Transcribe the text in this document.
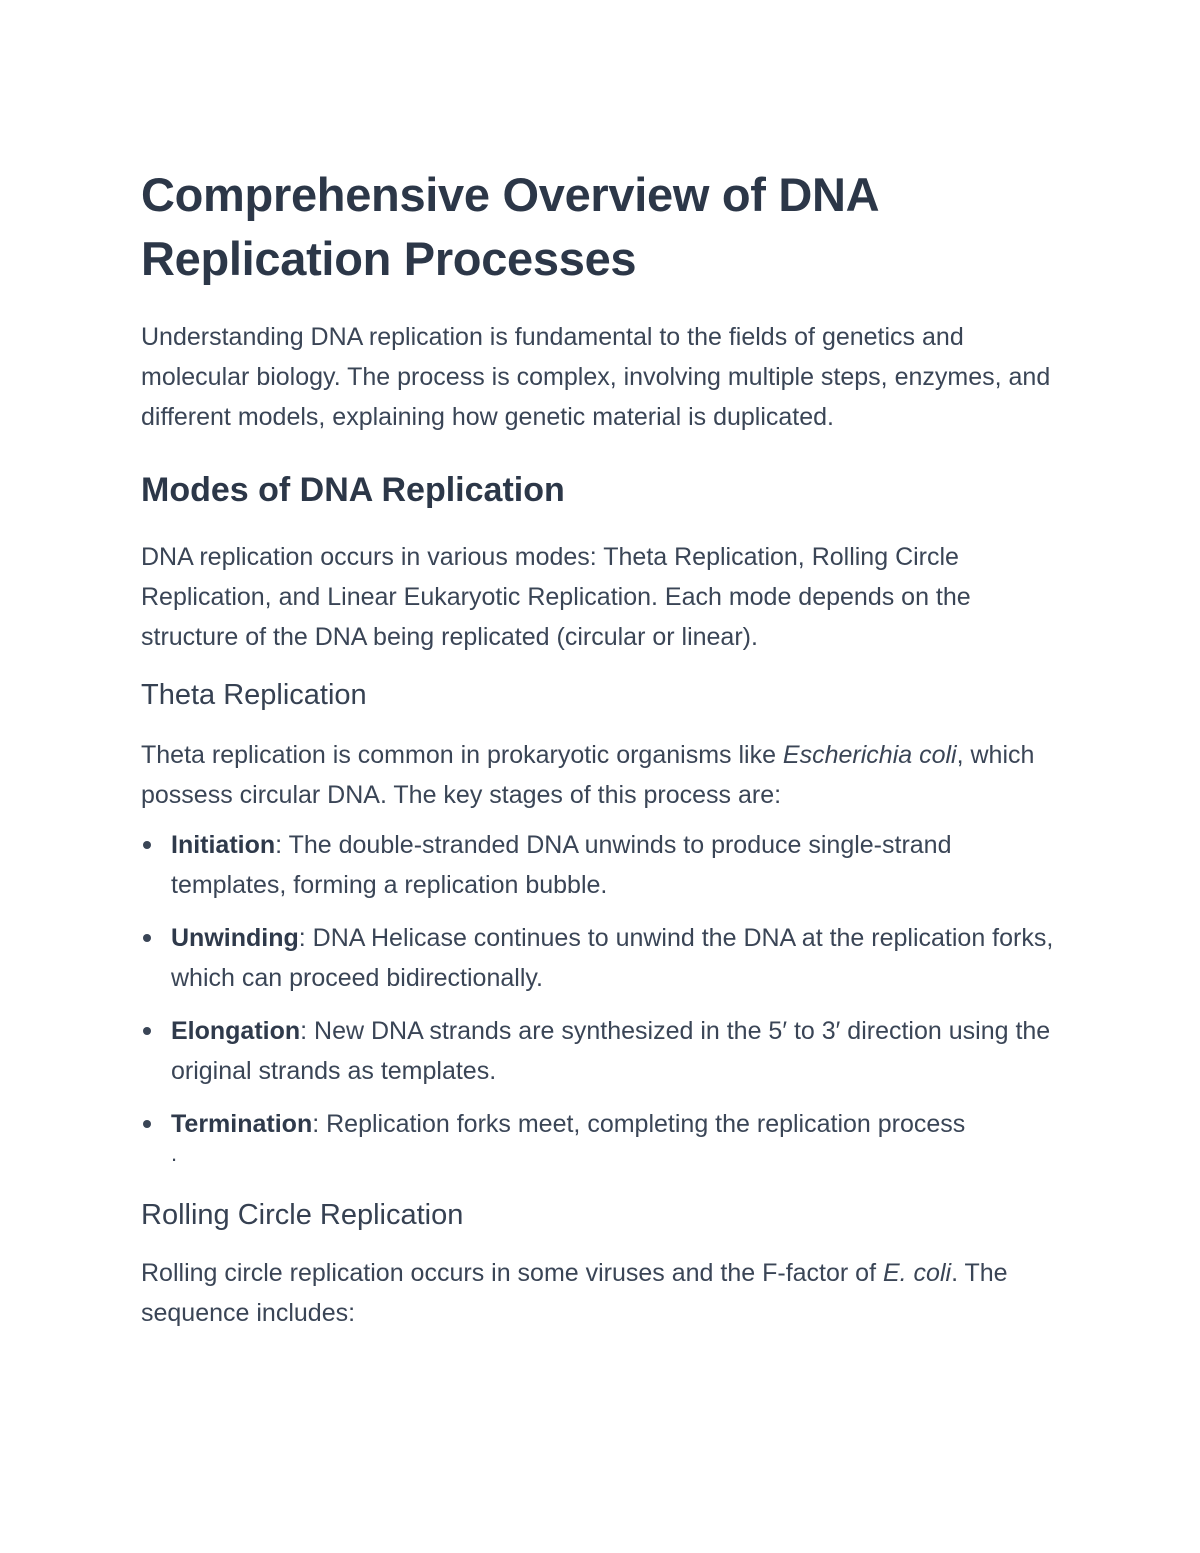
Comprehensive Overview of DNA Replication Processes

Understanding DNA replication is fundamental to the fields of genetics and molecular biology. The process is complex, involving multiple steps, enzymes, and different models, explaining how genetic material is duplicated.

Modes of DNA Replication

DNA replication occurs in various modes: Theta Replication, Rolling Circle Replication, and Linear Eukaryotic Replication. Each mode depends on the structure of the DNA being replicated (circular or linear).

Theta Replication

Theta replication is common in prokaryotic organisms like Escherichia coli, which possess circular DNA. The key stages of this process are:

Initiation: The double-stranded DNA unwinds to produce single-strand templates, forming a replication bubble.
Unwinding: DNA Helicase continues to unwind the DNA at the replication forks, which can proceed bidirectionally.
Elongation: New DNA strands are synthesized in the 5′ to 3′ direction using the original strands as templates.
Termination: Replication forks meet, completing the replication process
.
Rolling Circle Replication

Rolling circle replication occurs in some viruses and the F-factor of E. coli. The sequence includes:
